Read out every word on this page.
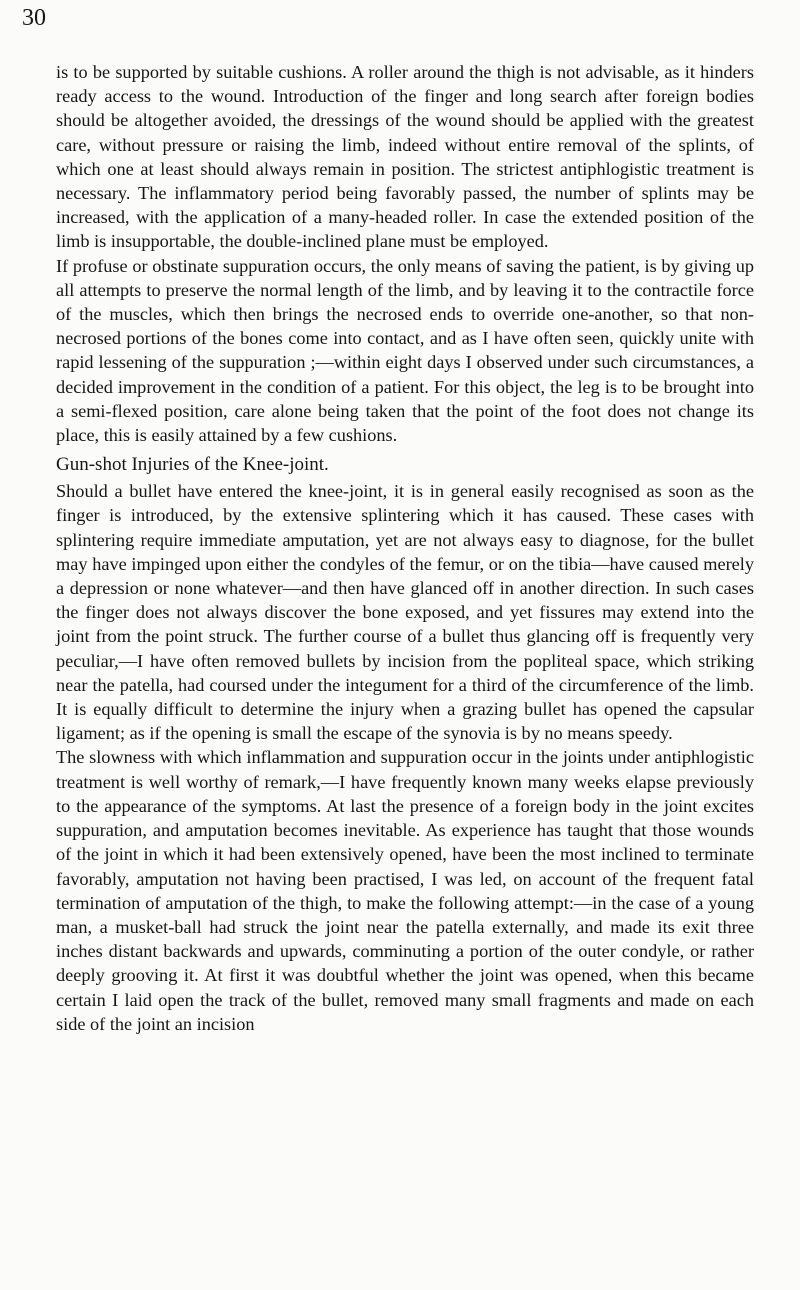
30

is to be supported by suitable cushions. A roller around the thigh is not advisable, as it hinders ready access to the wound. Introduction of the finger and long search after foreign bodies should be altogether avoided, the dressings of the wound should be applied with the greatest care, without pressure or raising the limb, indeed without entire removal of the splints, of which one at least should always remain in position. The strictest antiphlogistic treatment is necessary. The inflammatory period being favorably passed, the number of splints may be increased, with the application of a many-headed roller. In case the extended position of the limb is insupportable, the double-inclined plane must be employed.

If profuse or obstinate suppuration occurs, the only means of saving the patient, is by giving up all attempts to preserve the normal length of the limb, and by leaving it to the contractile force of the muscles, which then brings the necrosed ends to override one-another, so that non-necrosed portions of the bones come into contact, and as I have often seen, quickly unite with rapid lessening of the suppuration ;—within eight days I observed under such circumstances, a decided improvement in the condition of a patient. For this object, the leg is to be brought into a semi-flexed position, care alone being taken that the point of the foot does not change its place, this is easily attained by a few cushions.

Gun-shot Injuries of the Knee-joint.

Should a bullet have entered the knee-joint, it is in general easily recognised as soon as the finger is introduced, by the extensive splintering which it has caused. These cases with splintering require immediate amputation, yet are not always easy to diagnose, for the bullet may have impinged upon either the condyles of the femur, or on the tibia—have caused merely a depression or none whatever—and then have glanced off in another direction. In such cases the finger does not always discover the bone exposed, and yet fissures may extend into the joint from the point struck. The further course of a bullet thus glancing off is frequently very peculiar,—I have often removed bullets by incision from the popliteal space, which striking near the patella, had coursed under the integument for a third of the circumference of the limb. It is equally difficult to determine the injury when a grazing bullet has opened the capsular ligament; as if the opening is small the escape of the synovia is by no means speedy.

The slowness with which inflammation and suppuration occur in the joints under antiphlogistic treatment is well worthy of remark,—I have frequently known many weeks elapse previously to the appearance of the symptoms. At last the presence of a foreign body in the joint excites suppuration, and amputation becomes inevitable. As experience has taught that those wounds of the joint in which it had been extensively opened, have been the most inclined to terminate favorably, amputation not having been practised, I was led, on account of the frequent fatal termination of amputation of the thigh, to make the following attempt:—in the case of a young man, a musket-ball had struck the joint near the patella externally, and made its exit three inches distant backwards and upwards, comminuting a portion of the outer condyle, or rather deeply grooving it. At first it was doubtful whether the joint was opened, when this became certain I laid open the track of the bullet, removed many small fragments and made on each side of the joint an incision
